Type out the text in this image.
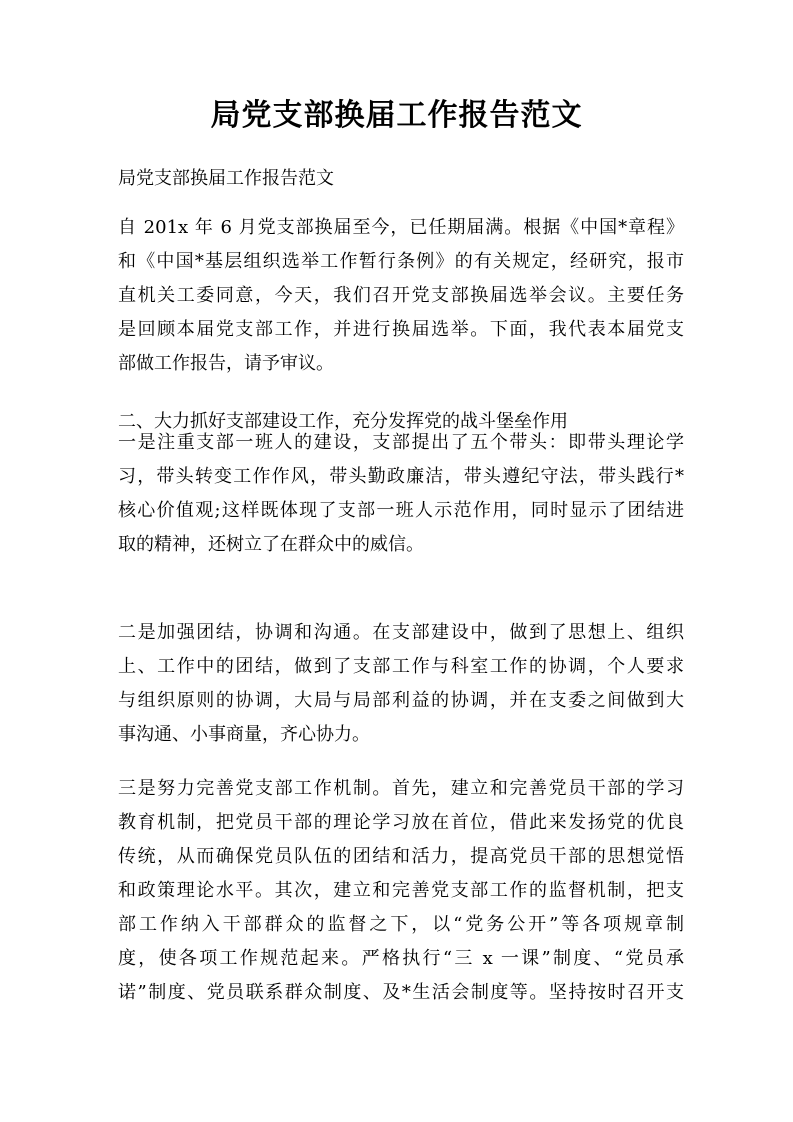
局党支部换届工作报告范文

局党支部换届工作报告范文

自 201x 年 6 月党支部换届至今，已任期届满。根据《中国*章程》
和《中国*基层组织选举工作暂行条例》的有关规定，经研究，报市
直机关工委同意，今天，我们召开党支部换届选举会议。主要任务
是回顾本届党支部工作，并进行换届选举。下面，我代表本届党支
部做工作报告，请予审议。
二、大力抓好支部建设工作，充分发挥党的战斗堡垒作用
一是注重支部一班人的建设，支部提出了五个带头：即带头理论学
习，带头转变工作作风，带头勤政廉洁，带头遵纪守法，带头践行*
核心价值观;这样既体现了支部一班人示范作用，同时显示了团结进
取的精神，还树立了在群众中的威信。
二是加强团结，协调和沟通。在支部建设中，做到了思想上、组织
上、工作中的团结，做到了支部工作与科室工作的协调，个人要求
与组织原则的协调，大局与局部利益的协调，并在支委之间做到大
事沟通、小事商量，齐心协力。
三是努力完善党支部工作机制。首先，建立和完善党员干部的学习
教育机制，把党员干部的理论学习放在首位，借此来发扬党的优良
传统，从而确保党员队伍的团结和活力，提高党员干部的思想觉悟
和政策理论水平。其次，建立和完善党支部工作的监督机制，把支
部工作纳入干部群众的监督之下，以“党务公开”等各项规章制
度，使各项工作规范起来。严格执行“三 x 一课”制度、“党员承
诺”制度、党员联系群众制度、及*生活会制度等。坚持按时召开支
